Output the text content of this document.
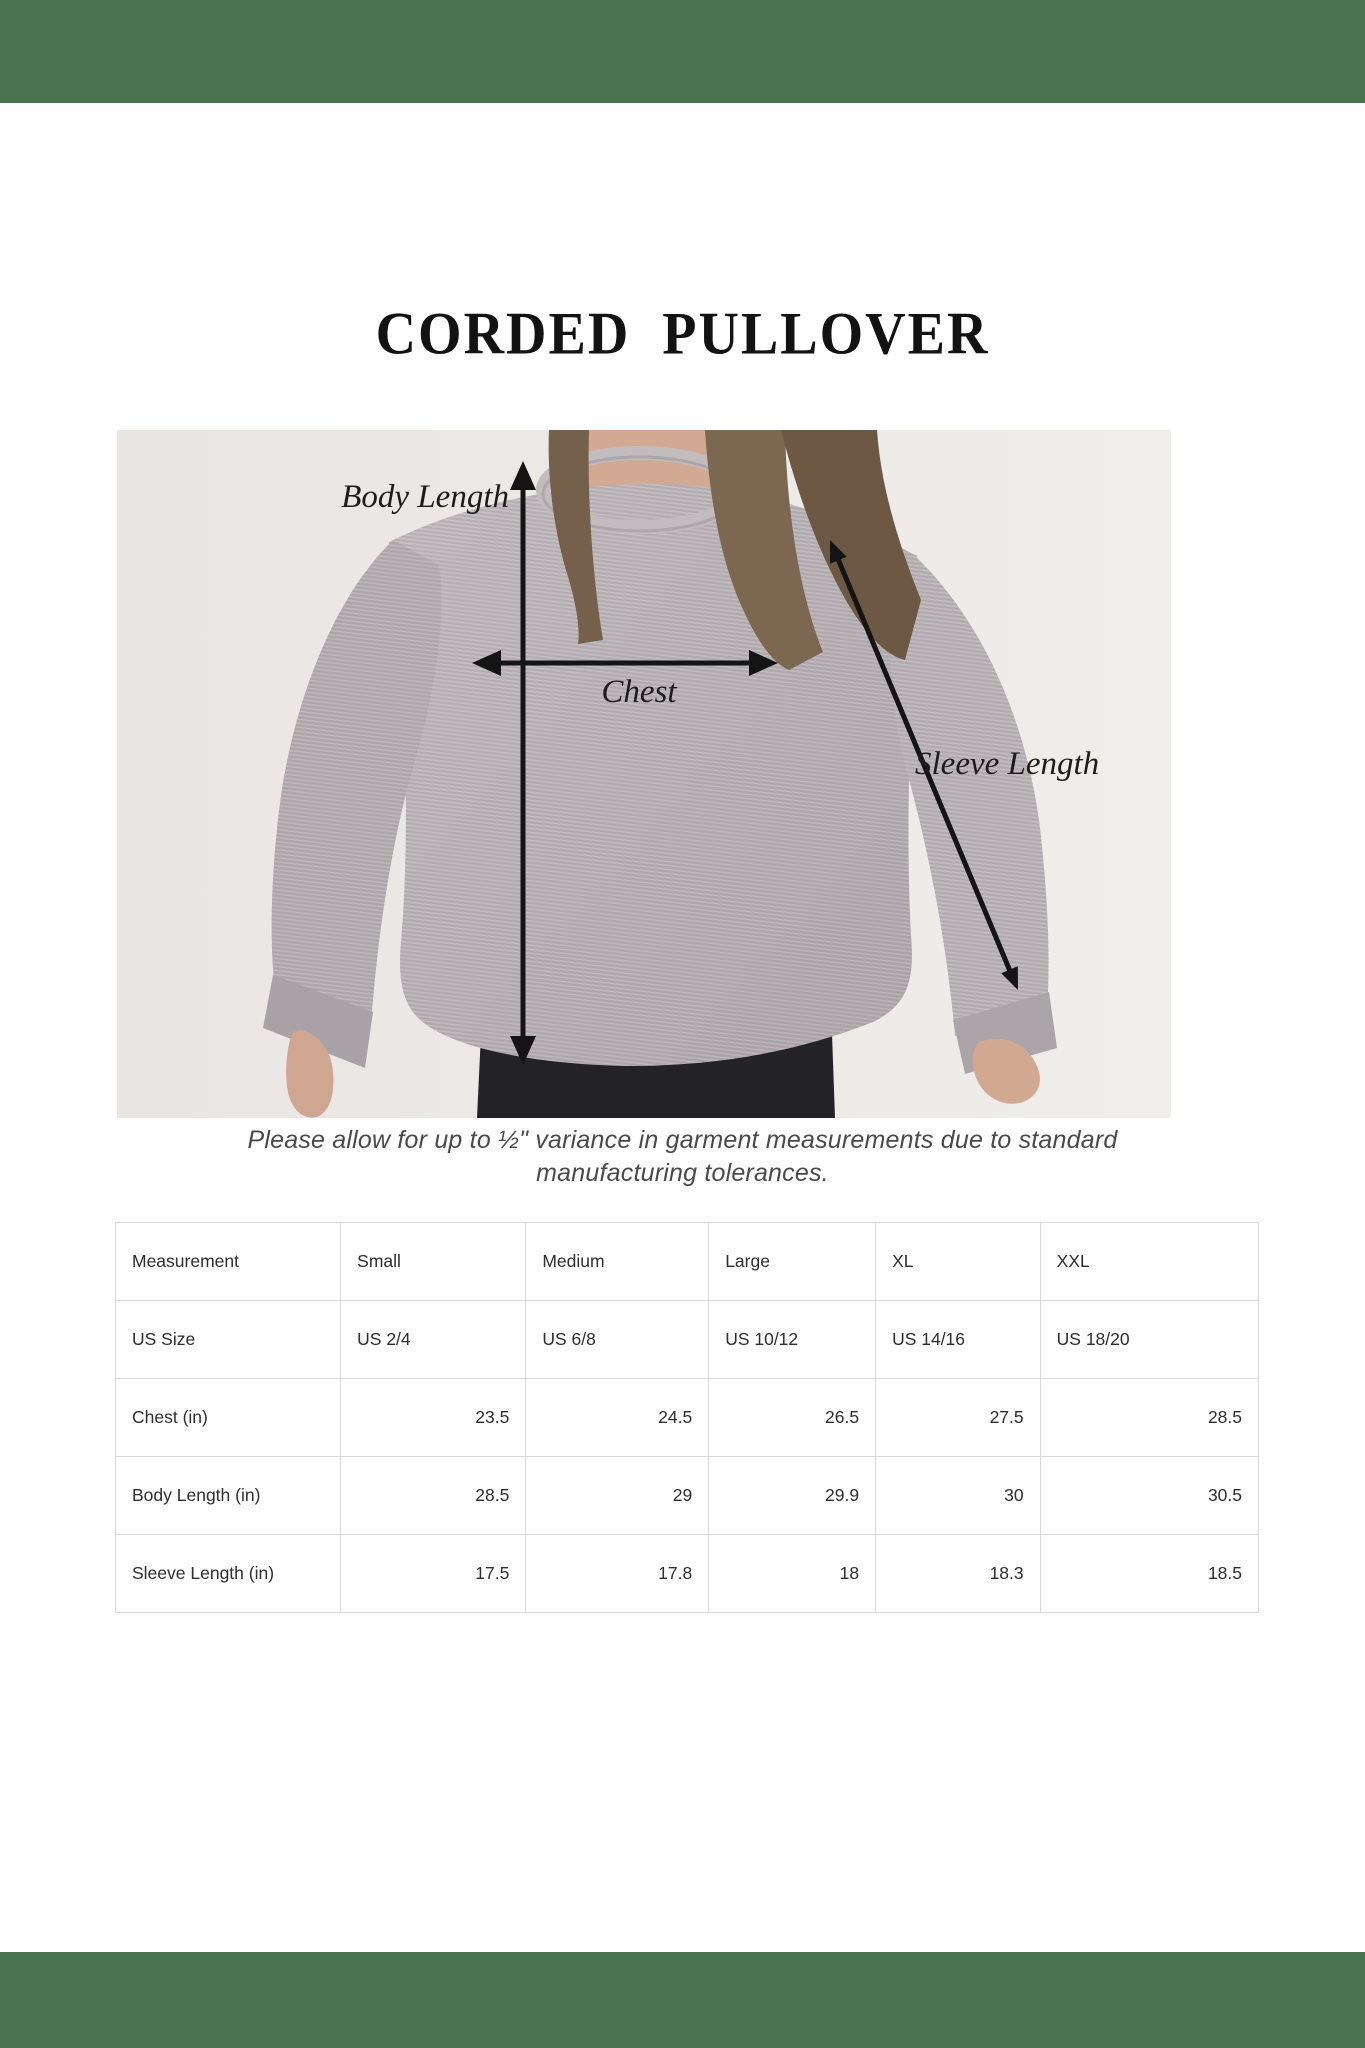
CORDED PULLOVER
Body Length
Chest
Sleeve Length

Please allow for up to ½" variance in garment measurements due to standard
manufacturing tolerances.

Measurement	Small	Medium	Large	XL	XXL
US Size	US 2/4	US 6/8	US 10/12	US 14/16	US 18/20
Chest (in)	23.5	24.5	26.5	27.5	28.5
Body Length (in)	28.5	29	29.9	30	30.5
Sleeve Length (in)	17.5	17.8	18	18.3	18.5
